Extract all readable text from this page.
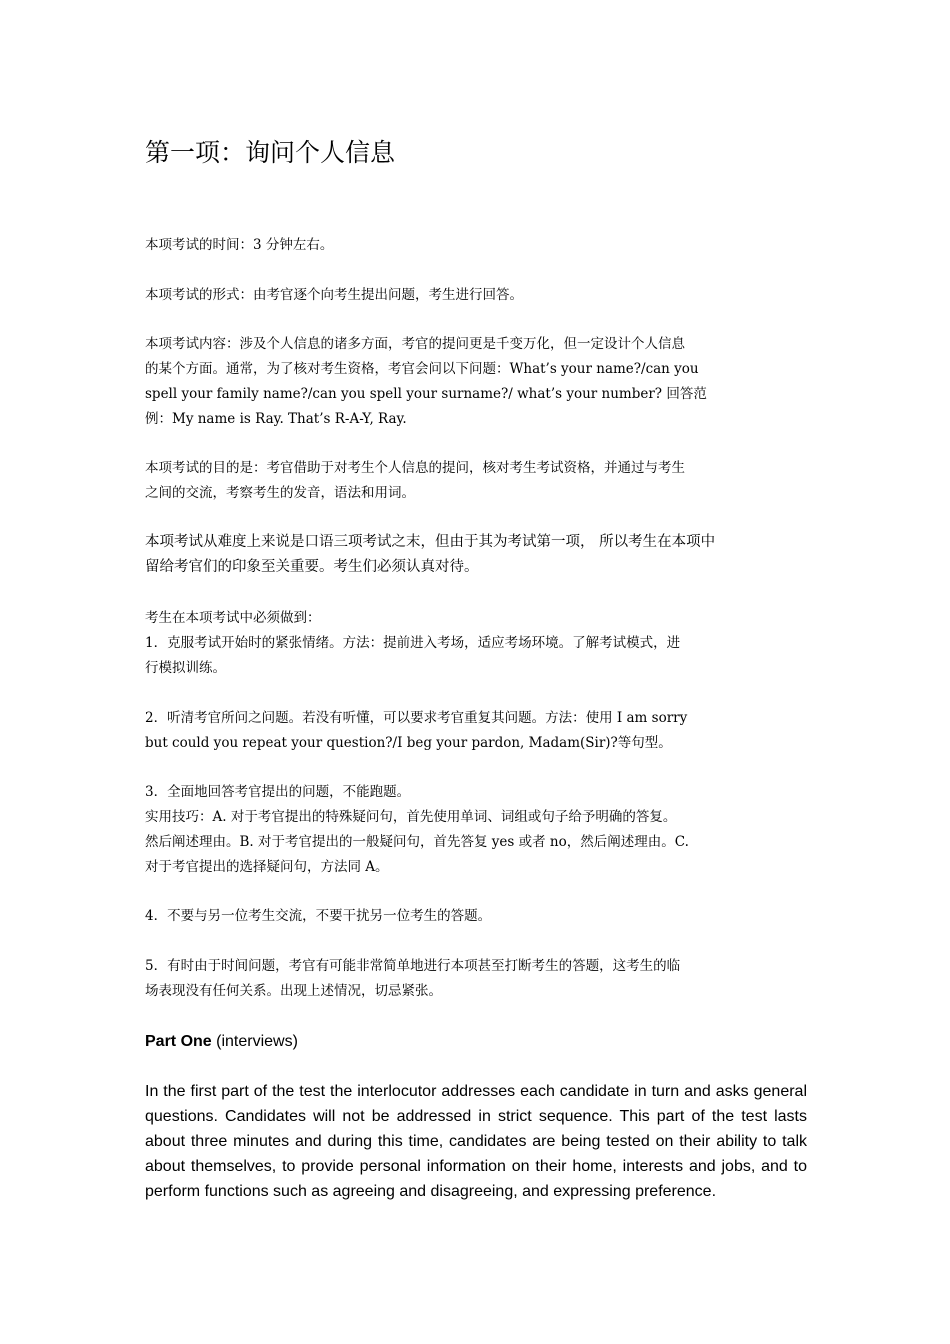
第一项：询问个人信息

本项考试的时间：3 分钟左右。

本项考试的形式：由考官逐个向考生提出问题，考生进行回答。

本项考试内容：涉及个人信息的诸多方面，考官的提问更是千变万化，但一定设计个人信息
的某个方面。通常，为了核对考生资格，考官会问以下问题：What’s your name?/can you
spell your family name?/can you spell your surname?/ what’s your number? 回答范
例：My name is Ray. That’s R-A-Y, Ray.

本项考试的目的是：考官借助于对考生个人信息的提问，核对考生考试资格，并通过与考生
之间的交流，考察考生的发音，语法和用词。

本项考试从难度上来说是口语三项考试之末，但由于其为考试第一项， 所以考生在本项中
留给考官们的印象至关重要。考生们必须认真对待。

考生在本项考试中必须做到：
1．克服考试开始时的紧张情绪。方法：提前进入考场，适应考场环境。了解考试模式，进
行模拟训练。

2．听清考官所问之问题。若没有听懂，可以要求考官重复其问题。方法：使用 I am sorry
but could you repeat your question?/I beg your pardon, Madam(Sir)?等句型。

3．全面地回答考官提出的问题，不能跑题。
实用技巧：A. 对于考官提出的特殊疑问句，首先使用单词、词组或句子给予明确的答复。
然后阐述理由。B. 对于考官提出的一般疑问句，首先答复 yes 或者 no，然后阐述理由。C.
对于考官提出的选择疑问句，方法同 A。

4．不要与另一位考生交流，不要干扰另一位考生的答题。

5．有时由于时间问题，考官有可能非常简单地进行本项甚至打断考生的答题，这考生的临
场表现没有任何关系。出现上述情况，切忌紧张。

Part One (interviews)

In the first part of the test the interlocutor addresses each candidate in turn and asks general questions. Candidates will not be addressed in strict sequence. This part of the test lasts about three minutes and during this time, candidates are being tested on their ability to talk about themselves, to provide personal information on their home, interests and jobs, and to perform functions such as agreeing and disagreeing, and expressing preference.
